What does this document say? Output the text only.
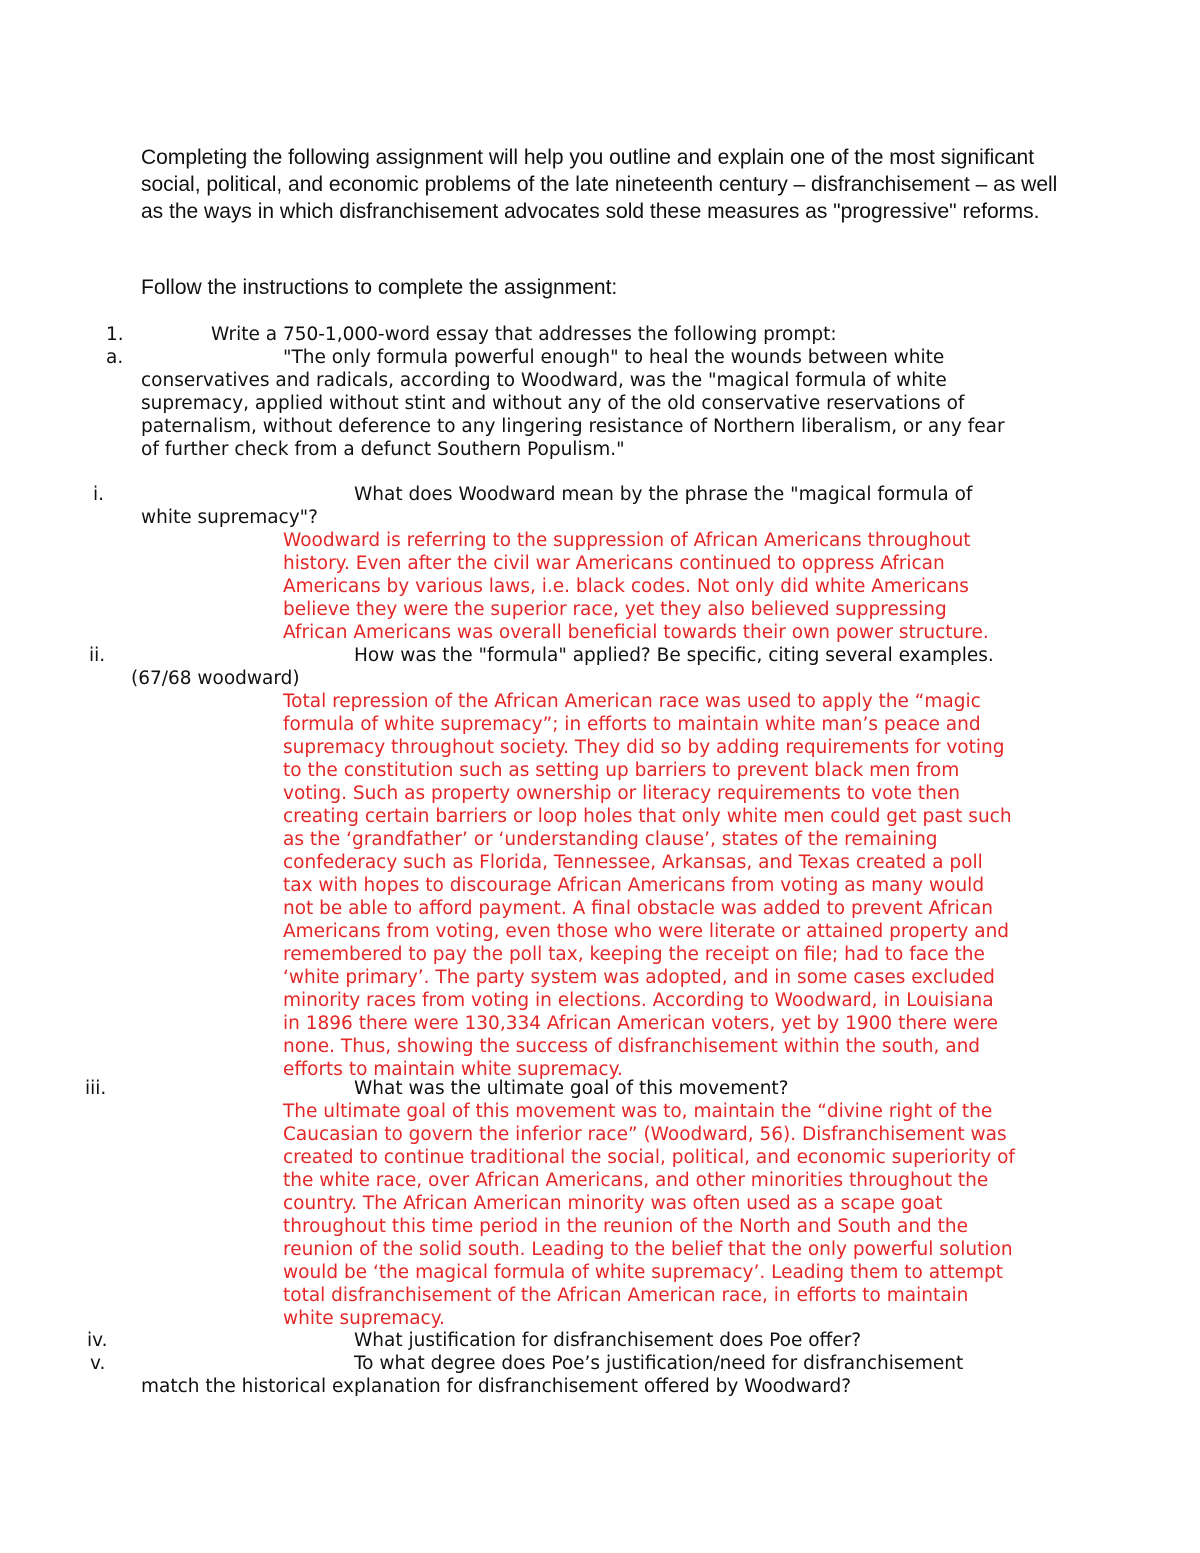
Completing the following assignment will help you outline and explain one of the most significant social, political, and economic problems of the late nineteenth century – disfranchisement – as well as the ways in which disfranchisement advocates sold these measures as "progressive" reforms.
Follow the instructions to complete the assignment:
1.	Write a 750-1,000-word essay that addresses the following prompt:
a.	"The only formula powerful enough" to heal the wounds between white
conservatives and radicals, according to Woodward, was the "magical formula of white
supremacy, applied without stint and without any of the old conservative reservations of
paternalism, without deference to any lingering resistance of Northern liberalism, or any fear
of further check from a defunct Southern Populism."
i.	What does Woodward mean by the phrase the "magical formula of
white supremacy"?
Woodward is referring to the suppression of African Americans throughout
history. Even after the civil war Americans continued to oppress African
Americans by various laws, i.e. black codes. Not only did white Americans
believe they were the superior race, yet they also believed suppressing
African Americans was overall beneficial towards their own power structure.
ii.	How was the "formula" applied? Be specific, citing several examples.
(67/68 woodward)
Total repression of the African American race was used to apply the “magic
formula of white supremacy”; in efforts to maintain white man’s peace and
supremacy throughout society. They did so by adding requirements for voting
to the constitution such as setting up barriers to prevent black men from
voting. Such as property ownership or literacy requirements to vote then
creating certain barriers or loop holes that only white men could get past such
as the ‘grandfather’ or ‘understanding clause’, states of the remaining
confederacy such as Florida, Tennessee, Arkansas, and Texas created a poll
tax with hopes to discourage African Americans from voting as many would
not be able to afford payment. A final obstacle was added to prevent African
Americans from voting, even those who were literate or attained property and
remembered to pay the poll tax, keeping the receipt on file; had to face the
‘white primary’. The party system was adopted, and in some cases excluded
minority races from voting in elections. According to Woodward, in Louisiana
in 1896 there were 130,334 African American voters, yet by 1900 there were
none. Thus, showing the success of disfranchisement within the south, and
efforts to maintain white supremacy.
iii.	What was the ultimate goal of this movement?
The ultimate goal of this movement was to, maintain the “divine right of the
Caucasian to govern the inferior race” (Woodward, 56). Disfranchisement was
created to continue traditional the social, political, and economic superiority of
the white race, over African Americans, and other minorities throughout the
country. The African American minority was often used as a scape goat
throughout this time period in the reunion of the North and South and the
reunion of the solid south. Leading to the belief that the only powerful solution
would be ‘the magical formula of white supremacy’. Leading them to attempt
total disfranchisement of the African American race, in efforts to maintain
white supremacy.
iv.	What justification for disfranchisement does Poe offer?
v.	To what degree does Poe’s justification/need for disfranchisement
match the historical explanation for disfranchisement offered by Woodward?
